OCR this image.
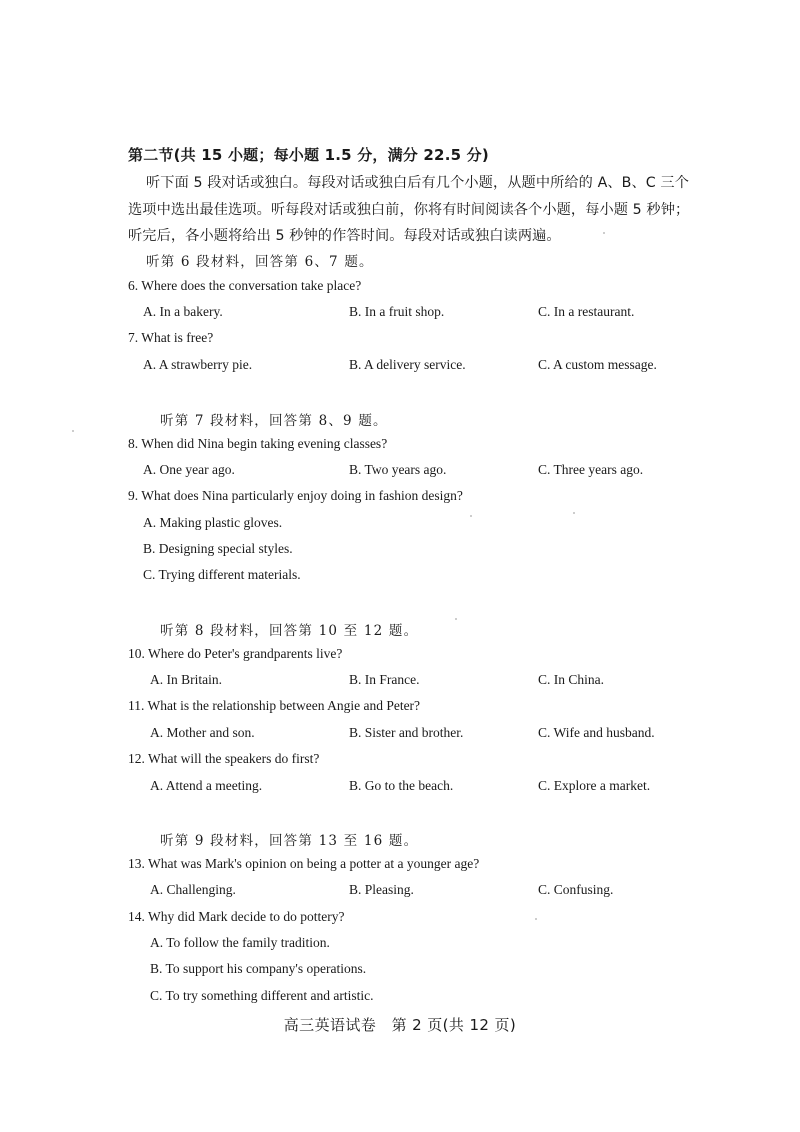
第二节(共 15 小题；每小题 1.5 分，满分 22.5 分)
听下面 5 段对话或独白。每段对话或独白后有几个小题，从题中所给的 A、B、C 三个
选项中选出最佳选项。听每段对话或独白前，你将有时间阅读各个小题，每小题 5 秒钟；
听完后，各小题将给出 5 秒钟的作答时间。每段对话或独白读两遍。
听第 6 段材料，回答第 6、7 题。
6. Where does the conversation take place?
A. In a bakery.	B. In a fruit shop.	C. In a restaurant.
7. What is free?
A. A strawberry pie.	B. A delivery service.	C. A custom message.
听第 7 段材料，回答第 8、9 题。
8. When did Nina begin taking evening classes?
A. One year ago.	B. Two years ago.	C. Three years ago.
9. What does Nina particularly enjoy doing in fashion design?
A. Making plastic gloves.
B. Designing special styles.
C. Trying different materials.
听第 8 段材料，回答第 10 至 12 题。
10. Where do Peter's grandparents live?
A. In Britain.	B. In France.	C. In China.
11. What is the relationship between Angie and Peter?
A. Mother and son.	B. Sister and brother.	C. Wife and husband.
12. What will the speakers do first?
A. Attend a meeting.	B. Go to the beach.	C. Explore a market.
听第 9 段材料，回答第 13 至 16 题。
13. What was Mark's opinion on being a potter at a younger age?
A. Challenging.	B. Pleasing.	C. Confusing.
14. Why did Mark decide to do pottery?
A. To follow the family tradition.
B. To support his company's operations.
C. To try something different and artistic.
高三英语试卷　第 2 页(共 12 页)
